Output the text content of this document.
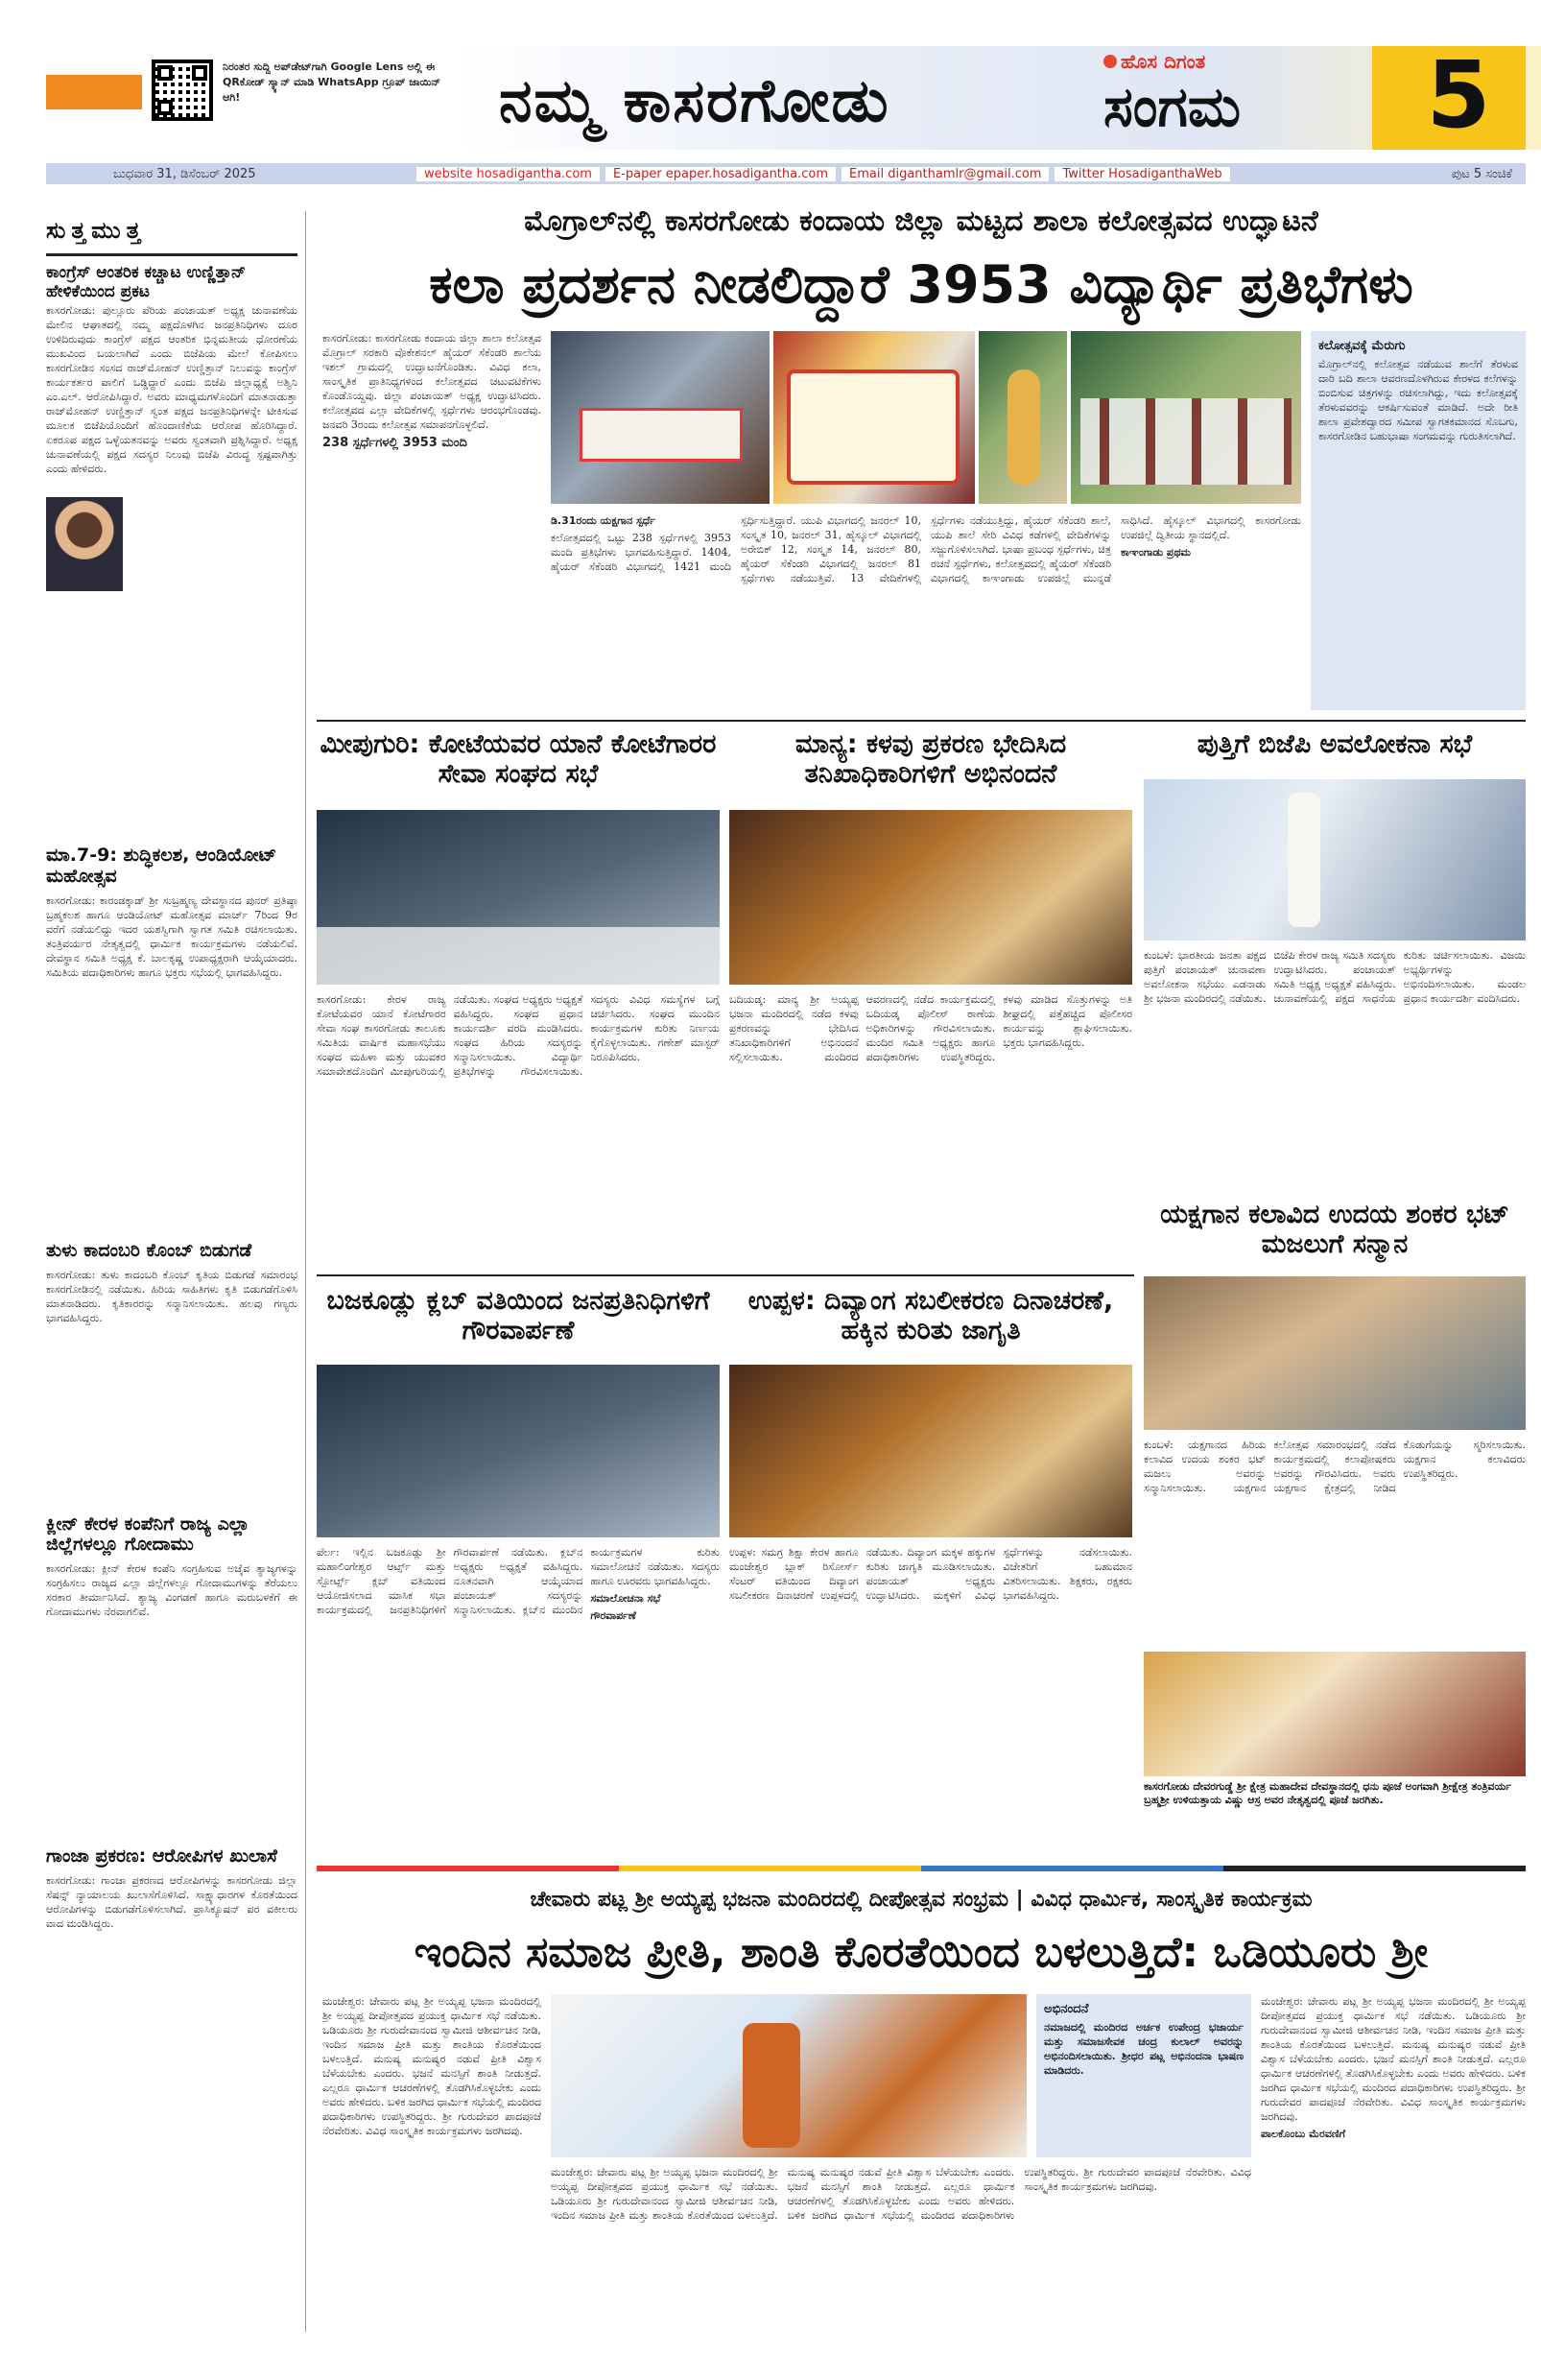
ನಿರಂತರ ಸುದ್ದಿ ಅಪ್‌ಡೇಟ್‌ಗಾಗಿ Google Lens ಅಲ್ಲಿ ಈ QRಕೋಡ್ ಸ್ಕ್ಯಾನ್ ಮಾಡಿ WhatsApp ಗ್ರೂಪ್ ಜಾಯಿನ್ ಆಗಿ!	ನಮ್ಮ ಕಾಸರಗೋಡು
ಹೊಸ ದಿಗಂತ
ಸಂಗಮ	5
ಬುಧವಾರ 31, ಡಿಸೆಂಬರ್ 2025	website hosadigantha.com	E-paper epaper.hosadigantha.com	Email diganthamlr@gmail.com	Twitter HosadiganthaWeb	ಪುಟ 5 ಸಂಚಿಕೆ
ಸುತ್ತಮುತ್ತ
ಕಾಂಗ್ರೆಸ್ ಆಂತರಿಕ ಕಚ್ಚಾಟ ಉಣ್ಣಿತ್ತಾನ್ ಹೇಳಿಕೆಯಿಂದ ಪ್ರಕಟ
ಕಾಸರಗೋಡು: ಪುಲ್ಲೂರು ಪೆರಿಯ ಪಂಚಾಯತ್ ಅಧ್ಯಕ್ಷ ಚುನಾವಣೆಯ ಮೇಲಿನ ಆಘಾತದಲ್ಲಿ ನಮ್ಮ ಪಕ್ಷದೊಳಗಿನ ಜನಪ್ರತಿನಿಧಿಗಳು ದೂರ ಉಳಿದಿರುವುದು ಕಾಂಗ್ರೆಸ್ ಪಕ್ಷದ ಆಂತರಿಕ ಭಿನ್ನಮತೀಯ ಧೋರಣೆಯ ಮುಖವಿಂದ ಬಯಲಾಗಿದೆ ಎಂದು ಬಿಜೆಪಿಯ ಮೇಲೆ ಕೋಪಿಸಲು ಕಾಸರಗೋಡಿನ ಸಂಸದ ರಾಜ್‌ಮೋಹನ್ ಉಣ್ಣಿತ್ತಾನ್ ನಿಲುವನ್ನು ಕಾಂಗ್ರೆಸ್ ಕಾರ್ಯಕರ್ತರ ಪಾಲಿಗೆ ಒಡ್ಡಿದ್ದಾರೆ ಎಂದು ಬಿಜೆಪಿ ಜಿಲ್ಲಾಧ್ಯಕ್ಷೆ ಅಶ್ವಿನಿ ಎಂ.ಎಲ್. ಆರೋಪಿಸಿದ್ದಾರೆ. ಅವರು ಮಾಧ್ಯಮಗಳೊಂದಿಗೆ ಮಾತನಾಡುತ್ತಾ ರಾಜ್‌ಮೋಹನ್ ಉಣ್ಣಿತ್ತಾನ್ ಸ್ವಂತ ಪಕ್ಷದ ಜನಪ್ರತಿನಿಧಿಗಳನ್ನೇ ಟೀಕಿಸುವ ಮೂಲಕ ಬಿಜೆಪಿಯೊಂದಿಗೆ ಹೊಂದಾಣಿಕೆಯ ಆರೋಪ ಹೊರಿಸಿದ್ದಾರೆ. ಏಕರೂಪ ಪಕ್ಷದ ಒಳ್ಳೆಯತನವನ್ನು ಅವರು ಸ್ವಂತವಾಗಿ ಪ್ರಶ್ನಿಸಿದ್ದಾರೆ. ಅಧ್ಯಕ್ಷ ಚುನಾವಣೆಯಲ್ಲಿ ಪಕ್ಷದ ಸದಸ್ಯರ ನಿಲುವು ಬಿಜೆಪಿ ವಿರುದ್ಧ ಸ್ಪಷ್ಟವಾಗಿತ್ತು ಎಂದು ಹೇಳಿದರು.
ಮಾ.7-9: ಶುದ್ಧಿಕಲಶ, ಆಂಡಿಯೋಟ್ ಮಹೋತ್ಸವ
ಕಾಸರಗೋಡು: ಕಾರಂಡಕ್ಕಾಡ್ ಶ್ರೀ ಸುಬ್ರಹ್ಮಣ್ಯ ದೇವಸ್ಥಾನದ ಪುನರ್ ಪ್ರತಿಷ್ಠಾ ಬ್ರಹ್ಮಕಲಶ ಹಾಗೂ ಆಂಡಿಯೋಟ್ ಮಹೋತ್ಸವ ಮಾರ್ಚ್ 7ರಿಂದ 9ರ ವರೆಗೆ ನಡೆಯಲಿದ್ದು ಇದರ ಯಶಸ್ವಿಗಾಗಿ ಸ್ವಾಗತ ಸಮಿತಿ ರಚಿಸಲಾಯಿತು. ತಂತ್ರಿವರ್ಯರ ನೇತೃತ್ವದಲ್ಲಿ ಧಾರ್ಮಿಕ ಕಾರ್ಯಕ್ರಮಗಳು ನಡೆಯಲಿವೆ. ದೇವಸ್ಥಾನ ಸಮಿತಿ ಅಧ್ಯಕ್ಷ ಕೆ. ಬಾಲಕೃಷ್ಣ ಉಪಾಧ್ಯಕ್ಷರಾಗಿ ಆಯ್ಕೆಯಾದರು. ಸಮಿತಿಯ ಪದಾಧಿಕಾರಿಗಳು ಹಾಗೂ ಭಕ್ತರು ಸಭೆಯಲ್ಲಿ ಭಾಗವಹಿಸಿದ್ದರು.
ತುಳು ಕಾದಂಬರಿ ಕೊಂಬ್ ಬಿಡುಗಡೆ
ಕಾಸರಗೋಡು: ತುಳು ಕಾದಂಬರಿ ಕೊಂಬ್ ಕೃತಿಯ ಬಿಡುಗಡೆ ಸಮಾರಂಭ ಕಾಸರಗೋಡಿನಲ್ಲಿ ನಡೆಯಿತು. ಹಿರಿಯ ಸಾಹಿತಿಗಳು ಕೃತಿ ಬಿಡುಗಡೆಗೊಳಿಸಿ ಮಾತನಾಡಿದರು. ಕೃತಿಕಾರರನ್ನು ಸನ್ಮಾನಿಸಲಾಯಿತು. ಹಲವು ಗಣ್ಯರು ಭಾಗವಹಿಸಿದ್ದರು.
ಕ್ಲೀನ್ ಕೇರಳ ಕಂಪೆನಿಗೆ ರಾಜ್ಯ ಎಲ್ಲಾ ಜಿಲ್ಲೆಗಳಲ್ಲೂ ಗೋದಾಮು
ಕಾಸರಗೋಡು: ಕ್ಲೀನ್ ಕೇರಳ ಕಂಪೆನಿ ಸಂಗ್ರಹಿಸುವ ಅಜೈವ ತ್ಯಾಜ್ಯಗಳನ್ನು ಸಂಗ್ರಹಿಸಲು ರಾಜ್ಯದ ಎಲ್ಲಾ ಜಿಲ್ಲೆಗಳಲ್ಲೂ ಗೋದಾಮುಗಳನ್ನು ತೆರೆಯಲು ಸರಕಾರ ತೀರ್ಮಾನಿಸಿದೆ. ತ್ಯಾಜ್ಯ ವಿಂಗಡಣೆ ಹಾಗೂ ಮರುಬಳಕೆಗೆ ಈ ಗೋದಾಮುಗಳು ನೆರವಾಗಲಿವೆ.
ಗಾಂಜಾ ಪ್ರಕರಣ: ಆರೋಪಿಗಳ ಖುಲಾಸೆ
ಕಾಸರಗೋಡು: ಗಾಂಜಾ ಪ್ರಕರಣದ ಆರೋಪಿಗಳನ್ನು ಕಾಸರಗೋಡು ಜಿಲ್ಲಾ ಸೆಷನ್ಸ್ ನ್ಯಾಯಾಲಯ ಖುಲಾಸೆಗೊಳಿಸಿದೆ. ಸಾಕ್ಷ್ಯಾಧಾರಗಳ ಕೊರತೆಯಿಂದ ಆರೋಪಿಗಳನ್ನು ಬಿಡುಗಡೆಗೊಳಿಸಲಾಗಿದೆ. ಪ್ರಾಸಿಕ್ಯೂಷನ್ ಪರ ವಕೀಲರು ವಾದ ಮಂಡಿಸಿದ್ದರು.
ಮೊಗ್ರಾಲ್‌ನಲ್ಲಿ ಕಾಸರಗೋಡು ಕಂದಾಯ ಜಿಲ್ಲಾ ಮಟ್ಟದ ಶಾಲಾ ಕಲೋತ್ಸವದ ಉದ್ಘಾಟನೆ
ಕಲಾ ಪ್ರದರ್ಶನ ನೀಡಲಿದ್ದಾರೆ 3953 ವಿದ್ಯಾರ್ಥಿ ಪ್ರತಿಭೆಗಳು

ಕಾಸರಗೋಡು: ಕಾಸರಗೋಡು ಕಂದಾಯ ಜಿಲ್ಲಾ ಶಾಲಾ ಕಲೋತ್ಸವ ಮೊಗ್ರಾಲ್ ಸರಕಾರಿ ವೊಕೇಶನಲ್ ಹೈಯರ್ ಸೆಕೆಂಡರಿ ಶಾಲೆಯ ಇಶಲ್ ಗ್ರಾಮದಲ್ಲಿ ಉದ್ಘಾಟನೆಗೊಂಡಿತು. ವಿವಿಧ ಕಲಾ, ಸಾಂಸ್ಕೃತಿಕ ಪ್ರಾತಿನಿಧ್ಯಗಳಿಂದ ಕಲೋತ್ಸವದ ಚಟುವಟಿಕೆಗಳು ಕೊಂಡೊಯ್ದವು. ಜಿಲ್ಲಾ ಪಂಚಾಯತ್ ಅಧ್ಯಕ್ಷ ಉದ್ಘಾಟಿಸಿದರು. ಕಲೋತ್ಸವದ ಎಲ್ಲಾ ವೇದಿಕೆಗಳಲ್ಲಿ ಸ್ಪರ್ಧೆಗಳು ಆರಂಭಗೊಂಡವು. ಜನವರಿ 3ರಂದು ಕಲೋತ್ಸವ ಸಮಾಪನಗೊಳ್ಳಲಿದೆ.

238 ಸ್ಪರ್ಧೆಗಳಲ್ಲಿ 3953 ಮಂದಿ

ಕಲೋತ್ಸವಕ್ಕೆ ಮೆರುಗು
ಮೊಗ್ರಾಲ್‌ನಲ್ಲಿ ಕಲೋತ್ಸವ ನಡೆಯುವ ಶಾಲೆಗೆ ತೆರಳುವ ದಾರಿ ಬದಿ ಶಾಲಾ ಆವರಣದೊಳಗಿರುವ ಕೇರಳದ ಕಲೆಗಳನ್ನು ಬಿಂಬಿಸುವ ಚಿತ್ರಗಳನ್ನು ರಚಿಸಲಾಗಿದ್ದು, ಇದು ಕಲೋತ್ಸವಕ್ಕೆ ತೆರಳುವವರನ್ನು ಆಕರ್ಷಿಸುವಂತೆ ಮಾಡಿದೆ. ಅದೇ ರೀತಿ ಶಾಲಾ ಪ್ರವೇಶದ್ವಾರದ ಸಮೀಪ ಸ್ವಾಗತಕಮಾನದ ಸೊಬಗು, ಕಾಸರಗೋಡಿನ ಬಹುಭಾಷಾ ಸಂಗಮವನ್ನು ಗುರುತಿಸಲಾಗಿದೆ.

ಡಿ.31ರಂದು ಯಕ್ಷಗಾನ ಸ್ಪರ್ಧೆ

ಕಲೋತ್ಸವದಲ್ಲಿ ಒಟ್ಟು 238 ಸ್ಪರ್ಧೆಗಳಲ್ಲಿ 3953 ಮಂದಿ ಪ್ರತಿಭೆಗಳು ಭಾಗವಹಿಸುತ್ತಿದ್ದಾರೆ. 1404, ಹೈಯರ್ ಸೆಕೆಂಡರಿ ವಿಭಾಗದಲ್ಲಿ 1421 ಮಂದಿ ಸ್ಪರ್ಧಿಸುತ್ತಿದ್ದಾರೆ. ಯುಪಿ ವಿಭಾಗದಲ್ಲಿ ಜನರಲ್ 10, ಸಂಸ್ಕೃತ 10, ಜನರಲ್ 31, ಹೈಸ್ಕೂಲ್ ವಿಭಾಗದಲ್ಲಿ ಅರೇಬಿಕ್ 12, ಸಂಸ್ಕೃತ 14, ಜನರಲ್ 80, ಹೈಯರ್ ಸೆಕೆಂಡರಿ ವಿಭಾಗದಲ್ಲಿ ಜನರಲ್ 81 ಸ್ಪರ್ಧೆಗಳು ನಡೆಯುತ್ತಿವೆ. 13 ವೇದಿಕೆಗಳಲ್ಲಿ ಸ್ಪರ್ಧೆಗಳು ನಡೆಯುತ್ತಿದ್ದು, ಹೈಯರ್ ಸೆಕೆಂಡರಿ ಶಾಲೆ, ಯುಪಿ ಶಾಲೆ ಸೇರಿ ವಿವಿಧ ಕಡೆಗಳಲ್ಲಿ ವೇದಿಕೆಗಳನ್ನು ಸಜ್ಜುಗೊಳಿಸಲಾಗಿದೆ. ಭಾಷಾ ಪ್ರಬಂಧ ಸ್ಪರ್ಧೆಗಳು, ಚಿತ್ರ ರಚನೆ ಸ್ಪರ್ಧೆಗಳು, ಕಲೋತ್ಸವದಲ್ಲಿ ಹೈಯರ್ ಸೆಕೆಂಡರಿ ವಿಭಾಗದಲ್ಲಿ ಕಾಞಂಗಾಡು ಉಪಜಿಲ್ಲೆ ಮುನ್ನಡೆ ಸಾಧಿಸಿದೆ. ಹೈಸ್ಕೂಲ್ ವಿಭಾಗದಲ್ಲಿ ಕಾಸರಗೋಡು ಉಪಜಿಲ್ಲೆ ದ್ವಿತೀಯ ಸ್ಥಾನದಲ್ಲಿದೆ.

ಕಾಞಂಗಾಡು ಪ್ರಥಮ

ಮೀಪುಗುರಿ: ಕೋಟೆಯವರ ಯಾನೆ ಕೋಟೆಗಾರರ ಸೇವಾ ಸಂಘದ ಸಭೆ
ಕಾಸರಗೋಡು: ಕೇರಳ ರಾಜ್ಯ ಕೋಟೆಯವರ ಯಾನೆ ಕೋಟೆಗಾರರ ಸೇವಾ ಸಂಘ ಕಾಸರಗೋಡು ತಾಲೂಕು ಸಮಿತಿಯ ವಾರ್ಷಿಕ ಮಹಾಸಭೆಯು ಸಂಘದ ಮಹಿಳಾ ಮತ್ತು ಯುವಕರ ಸಮಾವೇಶದೊಂದಿಗೆ ಮೀಪುಗುರಿಯಲ್ಲಿ ನಡೆಯಿತು. ಸಂಘದ ಅಧ್ಯಕ್ಷರು ಅಧ್ಯಕ್ಷತೆ ವಹಿಸಿದ್ದರು. ಸಂಘದ ಪ್ರಧಾನ ಕಾರ್ಯದರ್ಶಿ ವರದಿ ಮಂಡಿಸಿದರು. ಸಂಘದ ಹಿರಿಯ ಸದಸ್ಯರನ್ನು ಸನ್ಮಾನಿಸಲಾಯಿತು. ವಿದ್ಯಾರ್ಥಿ ಪ್ರತಿಭೆಗಳನ್ನು ಗೌರವಿಸಲಾಯಿತು. ಸದಸ್ಯರು ವಿವಿಧ ಸಮಸ್ಯೆಗಳ ಬಗ್ಗೆ ಚರ್ಚಿಸಿದರು. ಸಂಘದ ಮುಂದಿನ ಕಾರ್ಯಕ್ರಮಗಳ ಕುರಿತು ನಿರ್ಣಯ ಕೈಗೊಳ್ಳಲಾಯಿತು. ಗಣೇಶ್ ಮಾಸ್ಟರ್ ನಿರೂಪಿಸಿದರು.
ಮಾನ್ಯ: ಕಳವು ಪ್ರಕರಣ ಭೇದಿಸಿದ ತನಿಖಾಧಿಕಾರಿಗಳಿಗೆ ಅಭಿನಂದನೆ
ಬದಿಯಡ್ಕ: ಮಾನ್ಯ ಶ್ರೀ ಅಯ್ಯಪ್ಪ ಭಜನಾ ಮಂದಿರದಲ್ಲಿ ನಡೆದ ಕಳವು ಪ್ರಕರಣವನ್ನು ಭೇದಿಸಿದ ತನಿಖಾಧಿಕಾರಿಗಳಿಗೆ ಅಭಿನಂದನೆ ಸಲ್ಲಿಸಲಾಯಿತು. ಮಂದಿರದ ಆವರಣದಲ್ಲಿ ನಡೆದ ಕಾರ್ಯಕ್ರಮದಲ್ಲಿ ಬದಿಯಡ್ಕ ಪೊಲೀಸ್ ಠಾಣೆಯ ಅಧಿಕಾರಿಗಳನ್ನು ಗೌರವಿಸಲಾಯಿತು. ಮಂದಿರ ಸಮಿತಿ ಅಧ್ಯಕ್ಷರು ಹಾಗೂ ಪದಾಧಿಕಾರಿಗಳು ಉಪಸ್ಥಿತರಿದ್ದರು. ಕಳವು ಮಾಡಿದ ಸೊತ್ತುಗಳನ್ನು ಅತಿ ಶೀಘ್ರದಲ್ಲಿ ಪತ್ತೆಹಚ್ಚಿದ ಪೊಲೀಸರ ಕಾರ್ಯವನ್ನು ಶ್ಲಾಘಿಸಲಾಯಿತು. ಭಕ್ತರು ಭಾಗವಹಿಸಿದ್ದರು.
ಪುತ್ತಿಗೆ ಬಿಜೆಪಿ ಅವಲೋಕನಾ ಸಭೆ
ಕುಂಬಳೆ: ಭಾರತೀಯ ಜನತಾ ಪಕ್ಷದ ಪುತ್ತಿಗೆ ಪಂಚಾಯತ್ ಚುನಾವಣಾ ಅವಲೋಕನಾ ಸಭೆಯು ಎಡನಾಡು ಶ್ರೀ ಭಜನಾ ಮಂದಿರದಲ್ಲಿ ನಡೆಯಿತು. ಬಿಜೆಪಿ ಕೇರಳ ರಾಜ್ಯ ಸಮಿತಿ ಸದಸ್ಯರು ಉದ್ಘಾಟಿಸಿದರು. ಪಂಚಾಯತ್ ಸಮಿತಿ ಅಧ್ಯಕ್ಷ ಅಧ್ಯಕ್ಷತೆ ವಹಿಸಿದ್ದರು. ಚುನಾವಣೆಯಲ್ಲಿ ಪಕ್ಷದ ಸಾಧನೆಯ ಕುರಿತು ಚರ್ಚಿಸಲಾಯಿತು. ವಿಜಯಿ ಅಭ್ಯರ್ಥಿಗಳನ್ನು ಅಭಿನಂದಿಸಲಾಯಿತು. ಮಂಡಲ ಪ್ರಧಾನ ಕಾರ್ಯದರ್ಶಿ ವಂದಿಸಿದರು.
ಯಕ್ಷಗಾನ ಕಲಾವಿದ ಉದಯ ಶಂಕರ ಭಟ್ ಮಜಲುಗೆ ಸನ್ಮಾನ
ಕುಂಬಳೆ: ಯಕ್ಷಗಾನದ ಹಿರಿಯ ಕಲಾವಿದ ಉದಯ ಶಂಕರ ಭಟ್ ಮಜಲು ಅವರನ್ನು ಸನ್ಮಾನಿಸಲಾಯಿತು. ಯಕ್ಷಗಾನ ಕಲೋತ್ಸವ ಸಮಾರಂಭದಲ್ಲಿ ನಡೆದ ಕಾರ್ಯಕ್ರಮದಲ್ಲಿ ಕಲಾಪೋಷಕರು ಅವರನ್ನು ಗೌರವಿಸಿದರು. ಅವರು ಯಕ್ಷಗಾನ ಕ್ಷೇತ್ರದಲ್ಲಿ ನೀಡಿದ ಕೊಡುಗೆಯನ್ನು ಸ್ಮರಿಸಲಾಯಿತು. ಯಕ್ಷಗಾನ ಕಲಾವಿದರು ಉಪಸ್ಥಿತರಿದ್ದರು.
ಕಾಸರಗೋಡು ದೇವರಗುಡ್ಡೆ ಶ್ರೀ ಕ್ಷೇತ್ರ ಮಹಾದೇವ ದೇವಸ್ಥಾನದಲ್ಲಿ ಧನು ಪೂಜೆ ಅಂಗವಾಗಿ ಶ್ರೀಕ್ಷೇತ್ರ ತಂತ್ರಿವರ್ಯ ಬ್ರಹ್ಮಶ್ರೀ ಉಳಿಯತ್ತಾಯ ವಿಷ್ಣು ಆಸ್ರ ಅವರ ನೇತೃತ್ವದಲ್ಲಿ ಪೂಜೆ ಜರಗಿತು.
ಬಜಕೂಡ್ಲು ಕ್ಲಬ್ ವತಿಯಿಂದ ಜನಪ್ರತಿನಿಧಿಗಳಿಗೆ ಗೌರವಾರ್ಪಣೆ

ಪೆರ್ಲ: ಇಲ್ಲಿನ ಬಜಕೂಡ್ಲು ಶ್ರೀ ಮಹಾಲಿಂಗೇಶ್ವರ ಆರ್ಟ್ಸ್ ಮತ್ತು ಸ್ಪೋರ್ಟ್ಸ್ ಕ್ಲಬ್ ವತಿಯಿಂದ ಆಯೋಜಿಸಲಾದ ಮಾಸಿಕ ಸಭಾ ಕಾರ್ಯಕ್ರಮದಲ್ಲಿ ಜನಪ್ರತಿನಿಧಿಗಳಿಗೆ ಗೌರವಾರ್ಪಣೆ ನಡೆಯಿತು. ಕ್ಲಬ್‌ನ ಅಧ್ಯಕ್ಷರು ಅಧ್ಯಕ್ಷತೆ ವಹಿಸಿದ್ದರು. ನೂತನವಾಗಿ ಆಯ್ಕೆಯಾದ ಪಂಚಾಯತ್ ಸದಸ್ಯರನ್ನು ಸನ್ಮಾನಿಸಲಾಯಿತು. ಕ್ಲಬ್‌ನ ಮುಂದಿನ ಕಾರ್ಯಕ್ರಮಗಳ ಕುರಿತು ಸಮಾಲೋಚನೆ ನಡೆಯಿತು. ಸದಸ್ಯರು ಹಾಗೂ ಊರವರು ಭಾಗವಹಿಸಿದ್ದರು.

ಸಮಾಲೋಚನಾ ಸಭೆ

ಗೌರವಾರ್ಪಣೆ

ಉಪ್ಪಳ: ದಿವ್ಯಾಂಗ ಸಬಲೀಕರಣ ದಿನಾಚರಣೆ, ಹಕ್ಕಿನ ಕುರಿತು ಜಾಗೃತಿ
ಉಪ್ಪಳ: ಸಮಗ್ರ ಶಿಕ್ಷಾ ಕೇರಳ ಹಾಗೂ ಮಂಜೇಶ್ವರ ಬ್ಲಾಕ್ ರಿಸೋರ್ಸ್ ಸೆಂಟರ್ ವತಿಯಿಂದ ದಿವ್ಯಾಂಗ ಸಬಲೀಕರಣ ದಿನಾಚರಣೆ ಉಪ್ಪಳದಲ್ಲಿ ನಡೆಯಿತು. ದಿವ್ಯಾಂಗ ಮಕ್ಕಳ ಹಕ್ಕುಗಳ ಕುರಿತು ಜಾಗೃತಿ ಮೂಡಿಸಲಾಯಿತು. ಪಂಚಾಯತ್ ಅಧ್ಯಕ್ಷರು ಉದ್ಘಾಟಿಸಿದರು. ಮಕ್ಕಳಿಗೆ ವಿವಿಧ ಸ್ಪರ್ಧೆಗಳನ್ನು ನಡೆಸಲಾಯಿತು. ವಿಜೇತರಿಗೆ ಬಹುಮಾನ ವಿತರಿಸಲಾಯಿತು. ಶಿಕ್ಷಕರು, ರಕ್ಷಕರು ಭಾಗವಹಿಸಿದ್ದರು.
ಚೇವಾರು ಪಟ್ಲ ಶ್ರೀ ಅಯ್ಯಪ್ಪ ಭಜನಾ ಮಂದಿರದಲ್ಲಿ ದೀಪೋತ್ಸವ ಸಂಭ್ರಮ | ವಿವಿಧ ಧಾರ್ಮಿಕ, ಸಾಂಸ್ಕೃತಿಕ ಕಾರ್ಯಕ್ರಮ
ಇಂದಿನ ಸಮಾಜ ಪ್ರೀತಿ, ಶಾಂತಿ ಕೊರತೆಯಿಂದ ಬಳಲುತ್ತಿದೆ: ಒಡಿಯೂರು ಶ್ರೀ
ಮಂಜೇಶ್ವರ: ಚೇವಾರು ಪಟ್ಲ ಶ್ರೀ ಅಯ್ಯಪ್ಪ ಭಜನಾ ಮಂದಿರದಲ್ಲಿ ಶ್ರೀ ಅಯ್ಯಪ್ಪ ದೀಪೋತ್ಸವದ ಪ್ರಯುಕ್ತ ಧಾರ್ಮಿಕ ಸಭೆ ನಡೆಯಿತು. ಒಡಿಯೂರು ಶ್ರೀ ಗುರುದೇವಾನಂದ ಸ್ವಾಮೀಜಿ ಆಶೀರ್ವಚನ ನೀಡಿ, ಇಂದಿನ ಸಮಾಜ ಪ್ರೀತಿ ಮತ್ತು ಶಾಂತಿಯ ಕೊರತೆಯಿಂದ ಬಳಲುತ್ತಿದೆ. ಮನುಷ್ಯ ಮನುಷ್ಯರ ನಡುವೆ ಪ್ರೀತಿ ವಿಶ್ವಾಸ ಬೆಳೆಯಬೇಕು ಎಂದರು. ಭಜನೆ ಮನಸ್ಸಿಗೆ ಶಾಂತಿ ನೀಡುತ್ತದೆ. ಎಲ್ಲರೂ ಧಾರ್ಮಿಕ ಆಚರಣೆಗಳಲ್ಲಿ ತೊಡಗಿಸಿಕೊಳ್ಳಬೇಕು ಎಂದು ಅವರು ಹೇಳಿದರು. ಬಳಿಕ ಜರಗಿದ ಧಾರ್ಮಿಕ ಸಭೆಯಲ್ಲಿ ಮಂದಿರದ ಪದಾಧಿಕಾರಿಗಳು ಉಪಸ್ಥಿತರಿದ್ದರು. ಶ್ರೀ ಗುರುದೇವರ ಪಾದಪೂಜೆ ನೆರವೇರಿತು. ವಿವಿಧ ಸಾಂಸ್ಕೃತಿಕ ಕಾರ್ಯಕ್ರಮಗಳು ಜರಗಿದವು.
ಅಭಿನಂದನೆ
ನಮಾಜದಲ್ಲಿ ಮಂದಿರದ ಅರ್ಚಕ ಉಪೇಂದ್ರ ಭಜಾರ್ಯ ಮತ್ತು ಸಮಾಜಸೇವಕ ಚಂದ್ರ ಕುಲಾಲ್ ಅವರನ್ನು ಅಭಿನಂದಿಸಲಾಯಿತು. ಶ್ರೀಧರ ಪಟ್ಲ ಅಭಿನಂದನಾ ಭಾಷಣ ಮಾಡಿದರು.
ಮಂಜೇಶ್ವರ: ಚೇವಾರು ಪಟ್ಲ ಶ್ರೀ ಅಯ್ಯಪ್ಪ ಭಜನಾ ಮಂದಿರದಲ್ಲಿ ಶ್ರೀ ಅಯ್ಯಪ್ಪ ದೀಪೋತ್ಸವದ ಪ್ರಯುಕ್ತ ಧಾರ್ಮಿಕ ಸಭೆ ನಡೆಯಿತು. ಒಡಿಯೂರು ಶ್ರೀ ಗುರುದೇವಾನಂದ ಸ್ವಾಮೀಜಿ ಆಶೀರ್ವಚನ ನೀಡಿ, ಇಂದಿನ ಸಮಾಜ ಪ್ರೀತಿ ಮತ್ತು ಶಾಂತಿಯ ಕೊರತೆಯಿಂದ ಬಳಲುತ್ತಿದೆ. ಮನುಷ್ಯ ಮನುಷ್ಯರ ನಡುವೆ ಪ್ರೀತಿ ವಿಶ್ವಾಸ ಬೆಳೆಯಬೇಕು ಎಂದರು. ಭಜನೆ ಮನಸ್ಸಿಗೆ ಶಾಂತಿ ನೀಡುತ್ತದೆ. ಎಲ್ಲರೂ ಧಾರ್ಮಿಕ ಆಚರಣೆಗಳಲ್ಲಿ ತೊಡಗಿಸಿಕೊಳ್ಳಬೇಕು ಎಂದು ಅವರು ಹೇಳಿದರು. ಬಳಿಕ ಜರಗಿದ ಧಾರ್ಮಿಕ ಸಭೆಯಲ್ಲಿ ಮಂದಿರದ ಪದಾಧಿಕಾರಿಗಳು ಉಪಸ್ಥಿತರಿದ್ದರು. ಶ್ರೀ ಗುರುದೇವರ ಪಾದಪೂಜೆ ನೆರವೇರಿತು. ವಿವಿಧ ಸಾಂಸ್ಕೃತಿಕ ಕಾರ್ಯಕ್ರಮಗಳು ಜರಗಿದವು.

ಮಂಜೇಶ್ವರ: ಚೇವಾರು ಪಟ್ಲ ಶ್ರೀ ಅಯ್ಯಪ್ಪ ಭಜನಾ ಮಂದಿರದಲ್ಲಿ ಶ್ರೀ ಅಯ್ಯಪ್ಪ ದೀಪೋತ್ಸವದ ಪ್ರಯುಕ್ತ ಧಾರ್ಮಿಕ ಸಭೆ ನಡೆಯಿತು. ಒಡಿಯೂರು ಶ್ರೀ ಗುರುದೇವಾನಂದ ಸ್ವಾಮೀಜಿ ಆಶೀರ್ವಚನ ನೀಡಿ, ಇಂದಿನ ಸಮಾಜ ಪ್ರೀತಿ ಮತ್ತು ಶಾಂತಿಯ ಕೊರತೆಯಿಂದ ಬಳಲುತ್ತಿದೆ. ಮನುಷ್ಯ ಮನುಷ್ಯರ ನಡುವೆ ಪ್ರೀತಿ ವಿಶ್ವಾಸ ಬೆಳೆಯಬೇಕು ಎಂದರು. ಭಜನೆ ಮನಸ್ಸಿಗೆ ಶಾಂತಿ ನೀಡುತ್ತದೆ. ಎಲ್ಲರೂ ಧಾರ್ಮಿಕ ಆಚರಣೆಗಳಲ್ಲಿ ತೊಡಗಿಸಿಕೊಳ್ಳಬೇಕು ಎಂದು ಅವರು ಹೇಳಿದರು. ಬಳಿಕ ಜರಗಿದ ಧಾರ್ಮಿಕ ಸಭೆಯಲ್ಲಿ ಮಂದಿರದ ಪದಾಧಿಕಾರಿಗಳು ಉಪಸ್ಥಿತರಿದ್ದರು. ಶ್ರೀ ಗುರುದೇವರ ಪಾದಪೂಜೆ ನೆರವೇರಿತು. ವಿವಿಧ ಸಾಂಸ್ಕೃತಿಕ ಕಾರ್ಯಕ್ರಮಗಳು ಜರಗಿದವು.

ಪಾಲಕೊಂಬು ಮೆರವಣಿಗೆ
